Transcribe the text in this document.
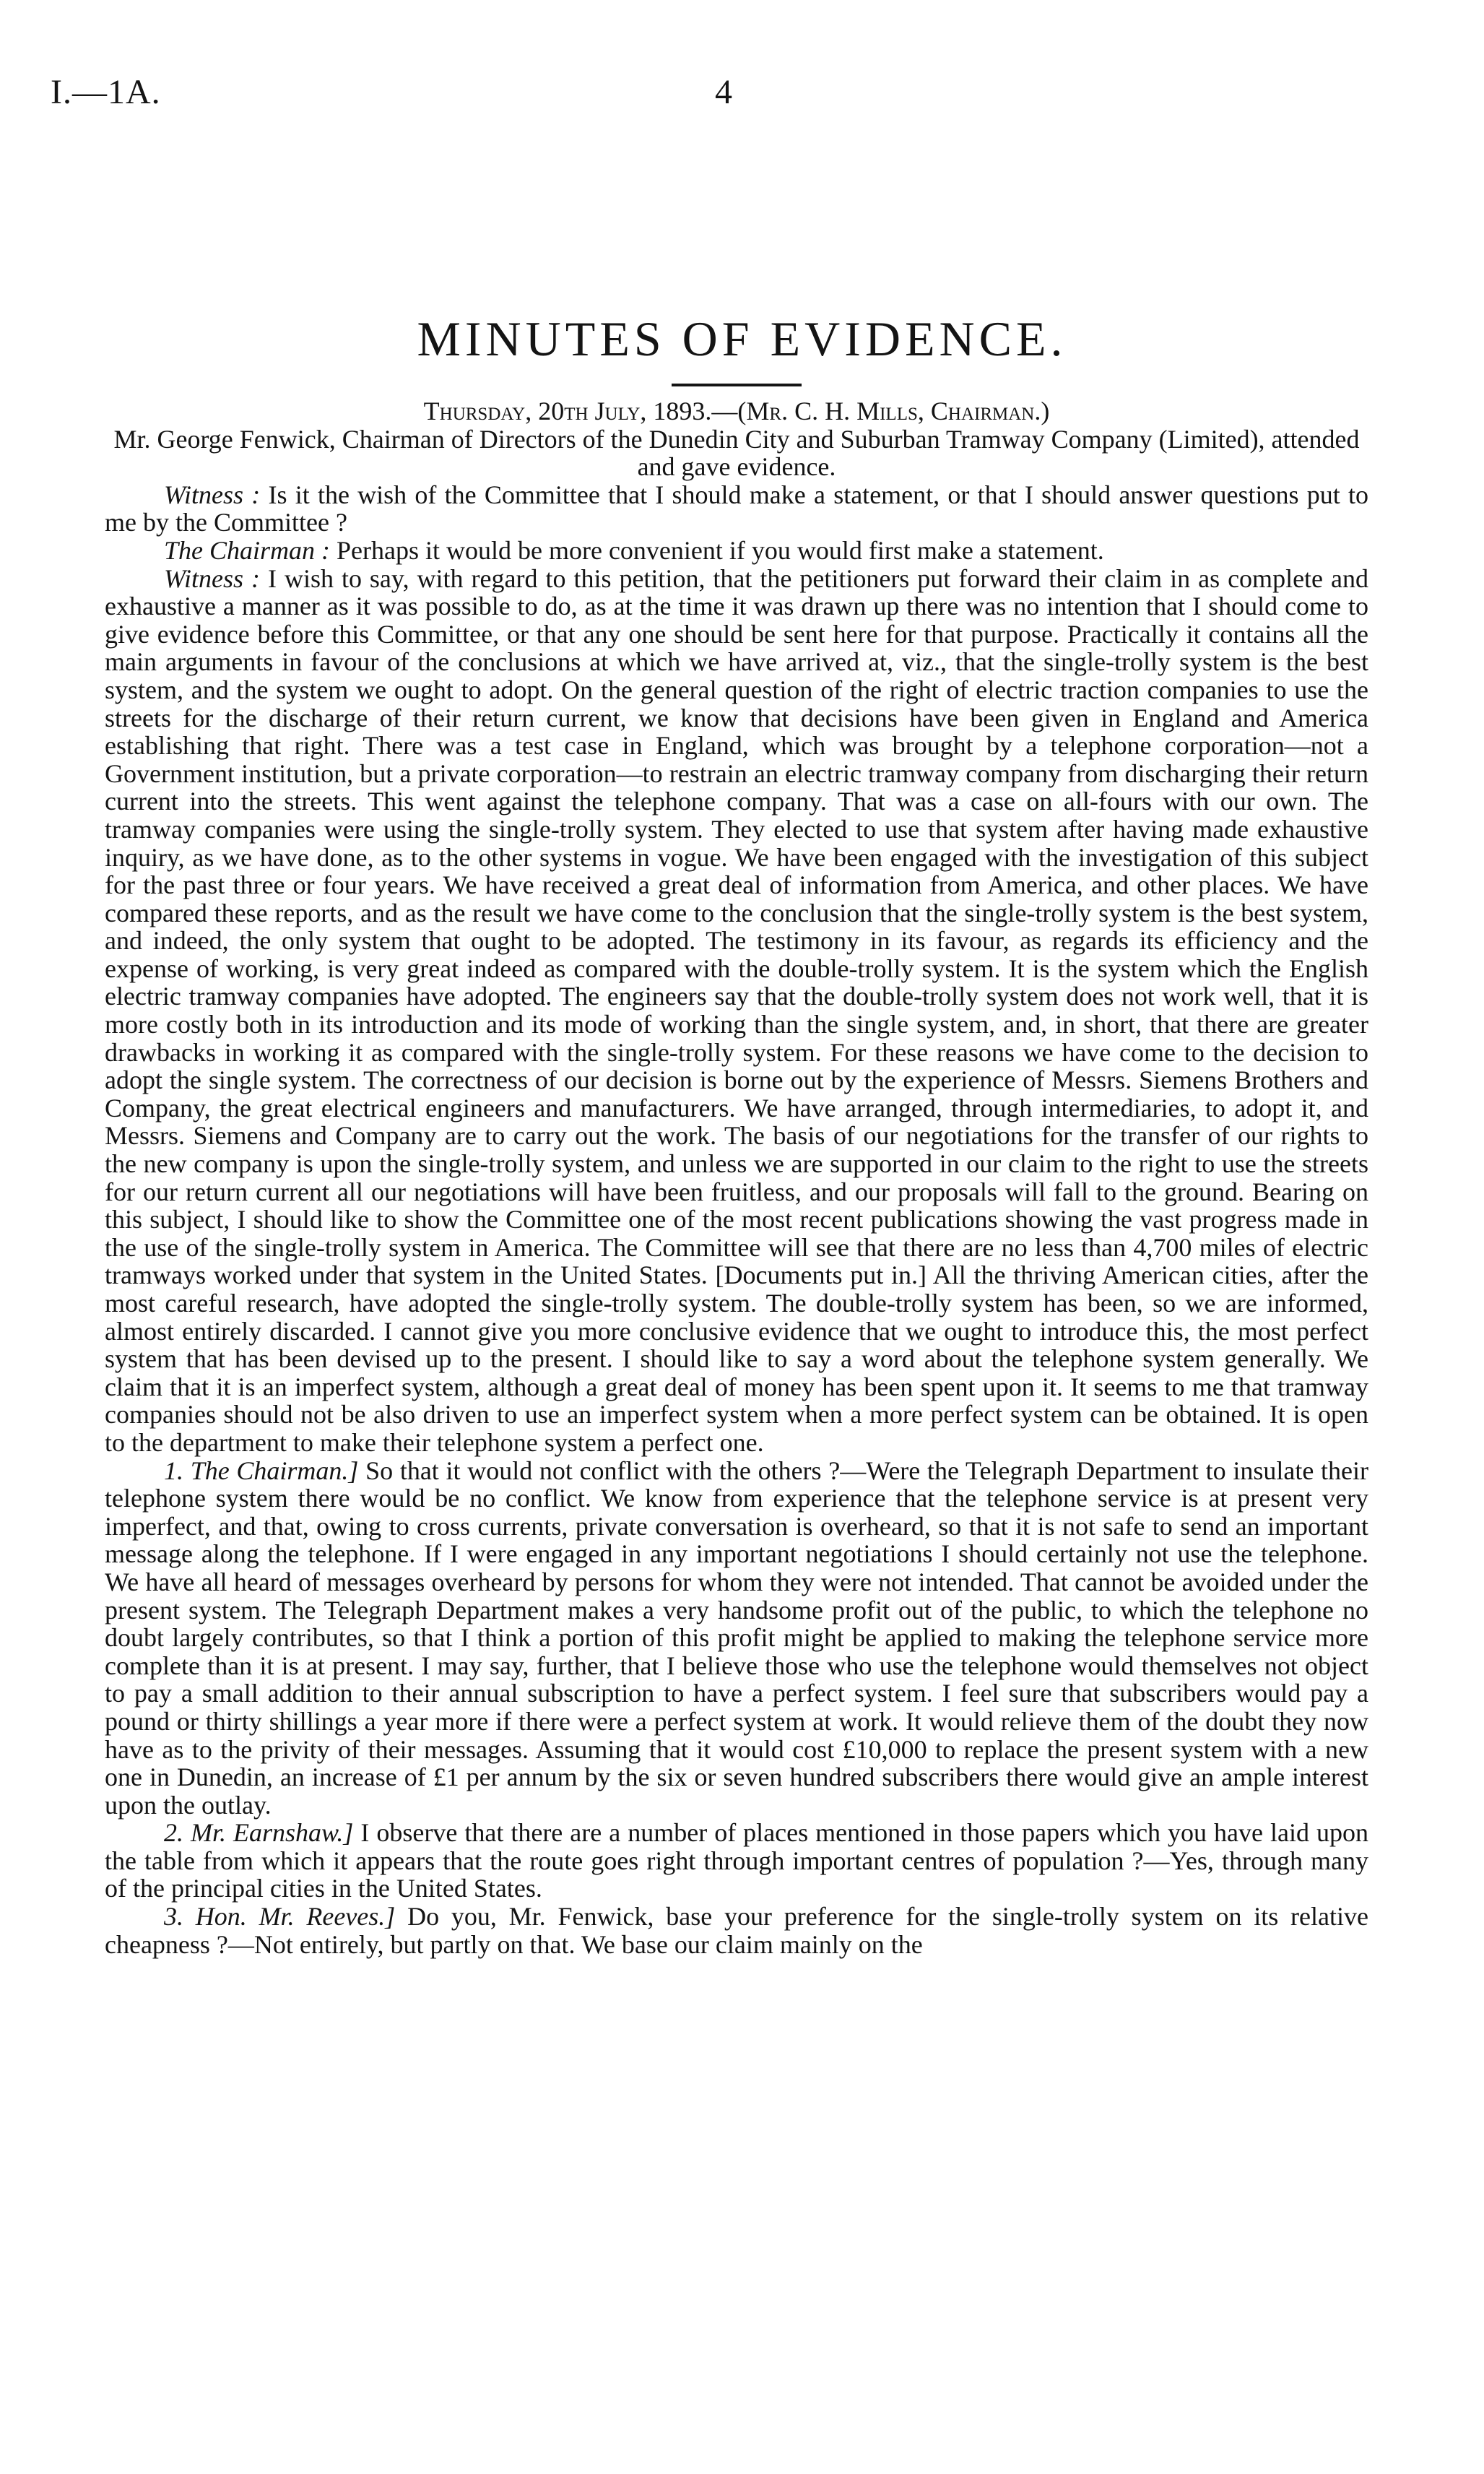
I.—1A.	4
MINUTES OF EVIDENCE.

Thursday, 20th July, 1893.—(Mr. C. H. Mills, Chairman.)

Mr. George Fenwick, Chairman of Directors of the Dunedin City and Suburban Tramway Company (Limited), attended and gave evidence.

Witness : Is it the wish of the Committee that I should make a statement, or that I should answer questions put to me by the Committee ?

The Chairman : Perhaps it would be more convenient if you would first make a statement.

Witness : I wish to say, with regard to this petition, that the petitioners put forward their claim in as complete and exhaustive a manner as it was possible to do, as at the time it was drawn up there was no intention that I should come to give evidence before this Committee, or that any one should be sent here for that purpose. Practically it contains all the main arguments in favour of the conclusions at which we have arrived at, viz., that the single-trolly system is the best system, and the system we ought to adopt. On the general question of the right of electric traction companies to use the streets for the discharge of their return current, we know that decisions have been given in England and America establishing that right. There was a test case in England, which was brought by a telephone corporation—not a Government institution, but a private corporation—to restrain an electric tramway company from discharging their return current into the streets. This went against the telephone company. That was a case on all-fours with our own. The tramway companies were using the single-trolly system. They elected to use that system after having made exhaustive inquiry, as we have done, as to the other systems in vogue. We have been engaged with the investigation of this subject for the past three or four years. We have received a great deal of information from America, and other places. We have compared these reports, and as the result we have come to the conclusion that the single-trolly system is the best system, and indeed, the only system that ought to be adopted. The testimony in its favour, as regards its efficiency and the expense of working, is very great indeed as compared with the double-trolly system. It is the system which the English electric tramway companies have adopted. The engineers say that the double-trolly system does not work well, that it is more costly both in its introduction and its mode of working than the single system, and, in short, that there are greater drawbacks in working it as compared with the single-trolly system. For these reasons we have come to the decision to adopt the single system. The correctness of our decision is borne out by the experience of Messrs. Siemens Brothers and Company, the great electrical engineers and manufacturers. We have arranged, through intermediaries, to adopt it, and Messrs. Siemens and Company are to carry out the work. The basis of our negotiations for the transfer of our rights to the new company is upon the single-trolly system, and unless we are supported in our claim to the right to use the streets for our return current all our negotiations will have been fruitless, and our proposals will fall to the ground. Bearing on this subject, I should like to show the Committee one of the most recent publications showing the vast progress made in the use of the single-trolly system in America. The Committee will see that there are no less than 4,700 miles of electric tramways worked under that system in the United States. [Documents put in.] All the thriving American cities, after the most careful research, have adopted the single-trolly system. The double-trolly system has been, so we are informed, almost entirely discarded. I cannot give you more conclusive evidence that we ought to introduce this, the most perfect system that has been devised up to the present. I should like to say a word about the telephone system generally. We claim that it is an imperfect system, although a great deal of money has been spent upon it. It seems to me that tramway companies should not be also driven to use an imperfect system when a more perfect system can be obtained. It is open to the department to make their telephone system a perfect one.

1. The Chairman.] So that it would not conflict with the others ?—Were the Telegraph Department to insulate their telephone system there would be no conflict. We know from experience that the telephone service is at present very imperfect, and that, owing to cross currents, private conversation is overheard, so that it is not safe to send an important message along the telephone. If I were engaged in any important negotiations I should certainly not use the telephone. We have all heard of messages overheard by persons for whom they were not intended. That cannot be avoided under the present system. The Telegraph Department makes a very handsome profit out of the public, to which the telephone no doubt largely contributes, so that I think a portion of this profit might be applied to making the telephone service more complete than it is at present. I may say, further, that I believe those who use the telephone would themselves not object to pay a small addition to their annual subscription to have a perfect system. I feel sure that subscribers would pay a pound or thirty shillings a year more if there were a perfect system at work. It would relieve them of the doubt they now have as to the privity of their messages. Assuming that it would cost £10,000 to replace the present system with a new one in Dunedin, an increase of £1 per annum by the six or seven hundred subscribers there would give an ample interest upon the outlay.

2. Mr. Earnshaw.] I observe that there are a number of places mentioned in those papers which you have laid upon the table from which it appears that the route goes right through important centres of population ?—Yes, through many of the principal cities in the United States.

3. Hon. Mr. Reeves.] Do you, Mr. Fenwick, base your preference for the single-trolly system on its relative cheapness ?—Not entirely, but partly on that. We base our claim mainly on the
